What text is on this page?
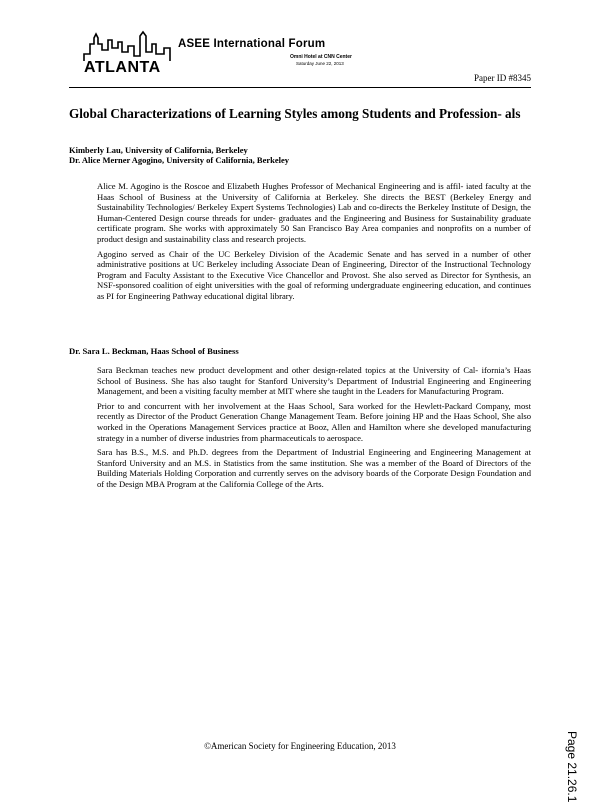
ATLANTA
ASEE International Forum
Omni Hotel at CNN Center
Saturday June 22, 2013
Paper ID #8345
Global Characterizations of Learning Styles among Students and Profession- als
Kimberly Lau, University of California, Berkeley
Dr. Alice Merner Agogino, University of California, Berkeley

Alice M. Agogino is the Roscoe and Elizabeth Hughes Professor of Mechanical Engineering and is affil- iated faculty at the Haas School of Business at the University of California at Berkeley. She directs the BEST (Berkeley Energy and Sustainability Technologies/ Berkeley Expert Systems Technologies) Lab and co-directs the Berkeley Institute of Design, the Human-Centered Design course threads for under- graduates and the Engineering and Business for Sustainability graduate certificate program. She works with approximately 50 San Francisco Bay Area companies and nonprofits on a number of product design and sustainability class and research projects.

Agogino served as Chair of the UC Berkeley Division of the Academic Senate and has served in a number of other administrative positions at UC Berkeley including Associate Dean of Engineering, Director of the Instructional Technology Program and Faculty Assistant to the Executive Vice Chancellor and Provost. She also served as Director for Synthesis, an NSF-sponsored coalition of eight universities with the goal of reforming undergraduate engineering education, and continues as PI for Engineering Pathway educational digital library.

Dr. Sara L. Beckman, Haas School of Business

Sara Beckman teaches new product development and other design-related topics at the University of Cal- ifornia’s Haas School of Business. She has also taught for Stanford University’s Department of Industrial Engineering and Engineering Management, and been a visiting faculty member at MIT where she taught in the Leaders for Manufacturing Program.

Prior to and concurrent with her involvement at the Haas School, Sara worked for the Hewlett-Packard Company, most recently as Director of the Product Generation Change Management Team. Before joining HP and the Haas School, She also worked in the Operations Management Services practice at Booz, Allen and Hamilton where she developed manufacturing strategy in a number of diverse industries from pharmaceuticals to aerospace.

Sara has B.S., M.S. and Ph.D. degrees from the Department of Industrial Engineering and Engineering Management at Stanford University and an M.S. in Statistics from the same institution. She was a member of the Board of Directors of the Building Materials Holding Corporation and currently serves on the advisory boards of the Corporate Design Foundation and of the Design MBA Program at the California College of the Arts.

Page 21.26.1
©American Society for Engineering Education, 2013
